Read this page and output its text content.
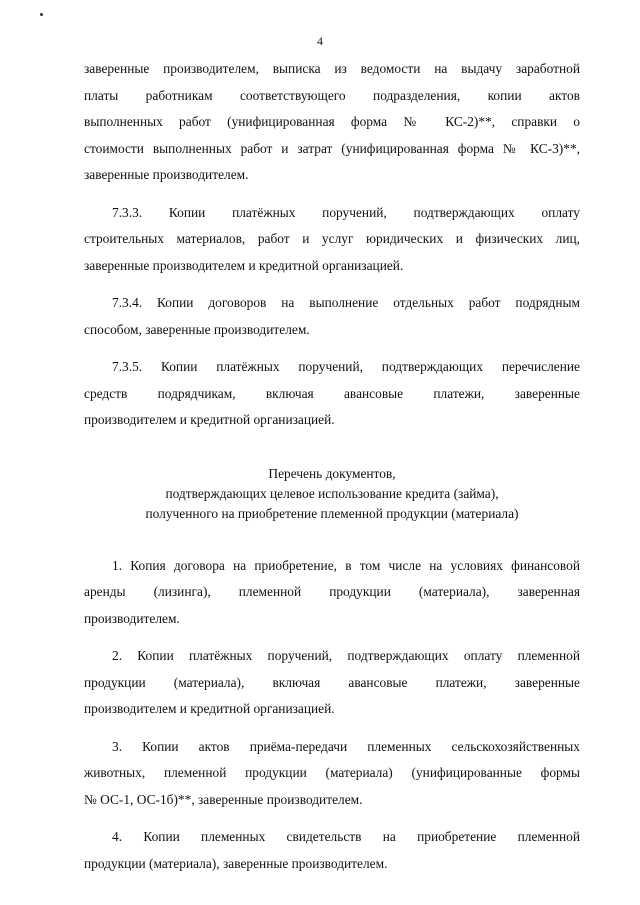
4
заверенные производителем, выписка из ведомости на выдачу заработной
платы работникам соответствующего подразделения, копии актов
выполненных работ (унифицированная форма № КС-2)**, справки о
стоимости выполненных работ и затрат (унифицированная форма № КС-3)**,
заверенные производителем.
7.3.3. Копии платёжных поручений, подтверждающих оплату
строительных материалов, работ и услуг юридических и физических лиц,
заверенные производителем и кредитной организацией.
7.3.4. Копии договоров на выполнение отдельных работ подрядным
способом, заверенные производителем.
7.3.5. Копии платёжных поручений, подтверждающих перечисление
средств подрядчикам, включая авансовые платежи, заверенные
производителем и кредитной организацией.
Перечень документов,
подтверждающих целевое использование кредита (займа),
полученного на приобретение племенной продукции (материала)
1. Копия договора на приобретение, в том числе на условиях финансовой
аренды (лизинга), племенной продукции (материала), заверенная
производителем.
2. Копии платёжных поручений, подтверждающих оплату племенной
продукции (материала), включая авансовые платежи, заверенные
производителем и кредитной организацией.
3. Копии актов приёма-передачи племенных сельскохозяйственных
животных, племенной продукции (материала) (унифицированные формы
№ ОС-1, ОС-1б)**, заверенные производителем.
4. Копии племенных свидетельств на приобретение племенной
продукции (материала), заверенные производителем.
